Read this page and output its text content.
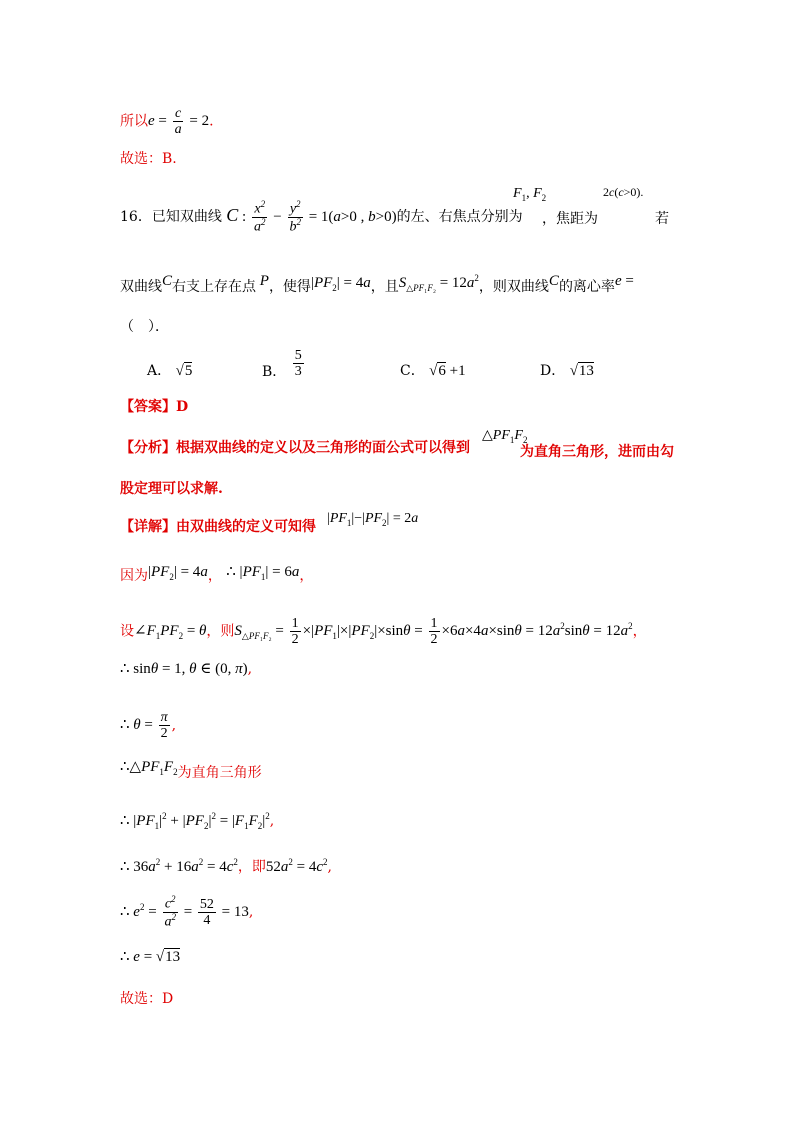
所以$e = \frac{c}{a} = 2$.
故选：B.
16．已知双曲线 C : $\frac{x^2}{a^2} - \frac{y^2}{b^2} = 1(a>0$ , b>0)的左、右焦点分别为
$F_1$, $F_2$
，焦距为
2c(c>0).
若
双曲线C右支上存在点 P，使得$|PF_2| = 4a$，且$S_{\triangle PF_1F_2} = 12a^2$，则双曲线C的离心率e =
（　）．
A． √5	B． $\frac{5}{3}$	C． √6 +1	D． √13
【答案】D
【分析】根据双曲线的定义以及三角形的面公式可以得到
$\triangle PF_1F_2$
为直角三角形，进而由勾
股定理可以求解.
【详解】由双曲线的定义可知得
$|PF_1|-|PF_2| = 2a$
因为$|PF_2| = 4a$， ∴ $|PF_1| = 6a$，
设$\angle F_1PF_2 = \theta$，则$S_{\triangle PF_1F_2} = \frac{1}{2} \times|PF_1|\times|PF_2|\times\sin\theta = \frac{1}{2} \times 6a\times 4a\times\sin\theta = 12a^2\sin\theta = 12a^2$，
∴ sinθ = 1, θ ∈ (0, π),
∴ $\theta = \frac{\pi}{2}$ ,
$\therefore\triangle PF_1F_2$为直角三角形
∴ $|PF_1|^2 + |PF_2|^2 = |F_1F_2|^2$,
∴ $36a^2 + 16a^2 = 4c^2$，即$52a^2 = 4c^2$,
∴ $e^2 = \frac{c^2}{a^2} = \frac{52}{4} = 13$,
∴ e = √13
故选：D
